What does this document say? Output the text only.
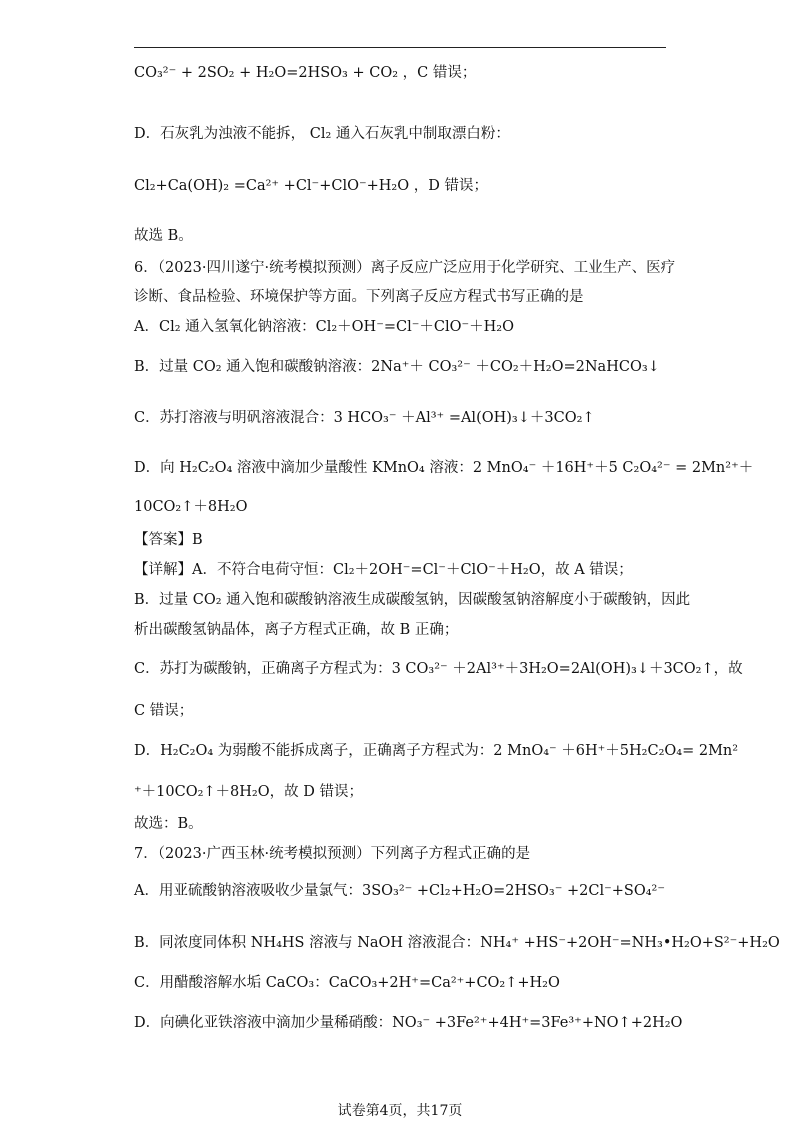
CO₃²⁻ + 2SO₂ + H₂O=2HSO₃ + CO₂ ，C 错误；
D．石灰乳为浊液不能拆， Cl₂ 通入石灰乳中制取漂白粉：
Cl₂+Ca(OH)₂ =Ca²⁺ +Cl⁻+ClO⁻+H₂O ，D 错误；
故选 B。
6．（2023·四川遂宁·统考模拟预测）离子反应广泛应用于化学研究、工业生产、医疗
诊断、食品检验、环境保护等方面。下列离子反应方程式书写正确的是
A．Cl₂ 通入氢氧化钠溶液：Cl₂＋OH⁻=Cl⁻＋ClO⁻＋H₂O
B．过量 CO₂ 通入饱和碳酸钠溶液：2Na⁺＋ CO₃²⁻ ＋CO₂＋H₂O=2NaHCO₃↓
C．苏打溶液与明矾溶液混合：3 HCO₃⁻ ＋Al³⁺ =Al(OH)₃↓＋3CO₂↑
D．向 H₂C₂O₄ 溶液中滴加少量酸性 KMnO₄ 溶液：2 MnO₄⁻ ＋16H⁺＋5 C₂O₄²⁻ = 2Mn²⁺＋
10CO₂↑＋8H₂O
【答案】B
【详解】A．不符合电荷守恒：Cl₂＋2OH⁻=Cl⁻＋ClO⁻＋H₂O，故 A 错误；
B．过量 CO₂ 通入饱和碳酸钠溶液生成碳酸氢钠，因碳酸氢钠溶解度小于碳酸钠，因此
析出碳酸氢钠晶体，离子方程式正确，故 B 正确；
C．苏打为碳酸钠，正确离子方程式为：3 CO₃²⁻ ＋2Al³⁺＋3H₂O=2Al(OH)₃↓＋3CO₂↑，故
C 错误；
D．H₂C₂O₄ 为弱酸不能拆成离子，正确离子方程式为：2 MnO₄⁻ ＋6H⁺＋5H₂C₂O₄= 2Mn²
⁺＋10CO₂↑＋8H₂O，故 D 错误；
故选：B。
7．（2023·广西玉林·统考模拟预测）下列离子方程式正确的是
A．用亚硫酸钠溶液吸收少量氯气：3SO₃²⁻ +Cl₂+H₂O=2HSO₃⁻ +2Cl⁻+SO₄²⁻
B．同浓度同体积 NH₄HS 溶液与 NaOH 溶液混合：NH₄⁺ +HS⁻+2OH⁻=NH₃•H₂O+S²⁻+H₂O
C．用醋酸溶解水垢 CaCO₃：CaCO₃+2H⁺=Ca²⁺+CO₂↑+H₂O
D．向碘化亚铁溶液中滴加少量稀硝酸：NO₃⁻ +3Fe²⁺+4H⁺=3Fe³⁺+NO↑+2H₂O
试卷第4页，共17页
